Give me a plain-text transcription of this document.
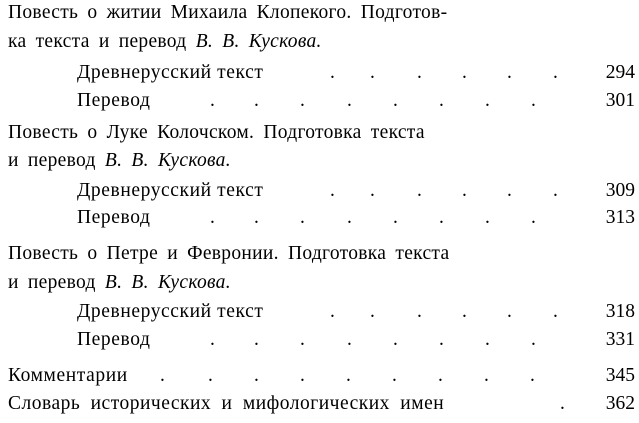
Повесть о житии Михаила Клопекого. Подготов-
ка текста и перевод В. В. Кускова.
Древнерусский текст	. . . . . . 294
Перевод	. . . . . . . .	301
Повесть о Луке Колочском. Подготовка текста
и перевод В. В. Кускова.
Древнерусский текст	. . . . . . 309
Перевод	. . . . . . . .	313
Повесть о Петре и Февронии. Подготовка текста
и перевод В. В. Кускова.
Древнерусский текст	. . . . . . 318
Перевод	. . . . . . . .	331
Комментарии . . . . . . . . .	345
Словарь исторических и мифологических имен	. 362
